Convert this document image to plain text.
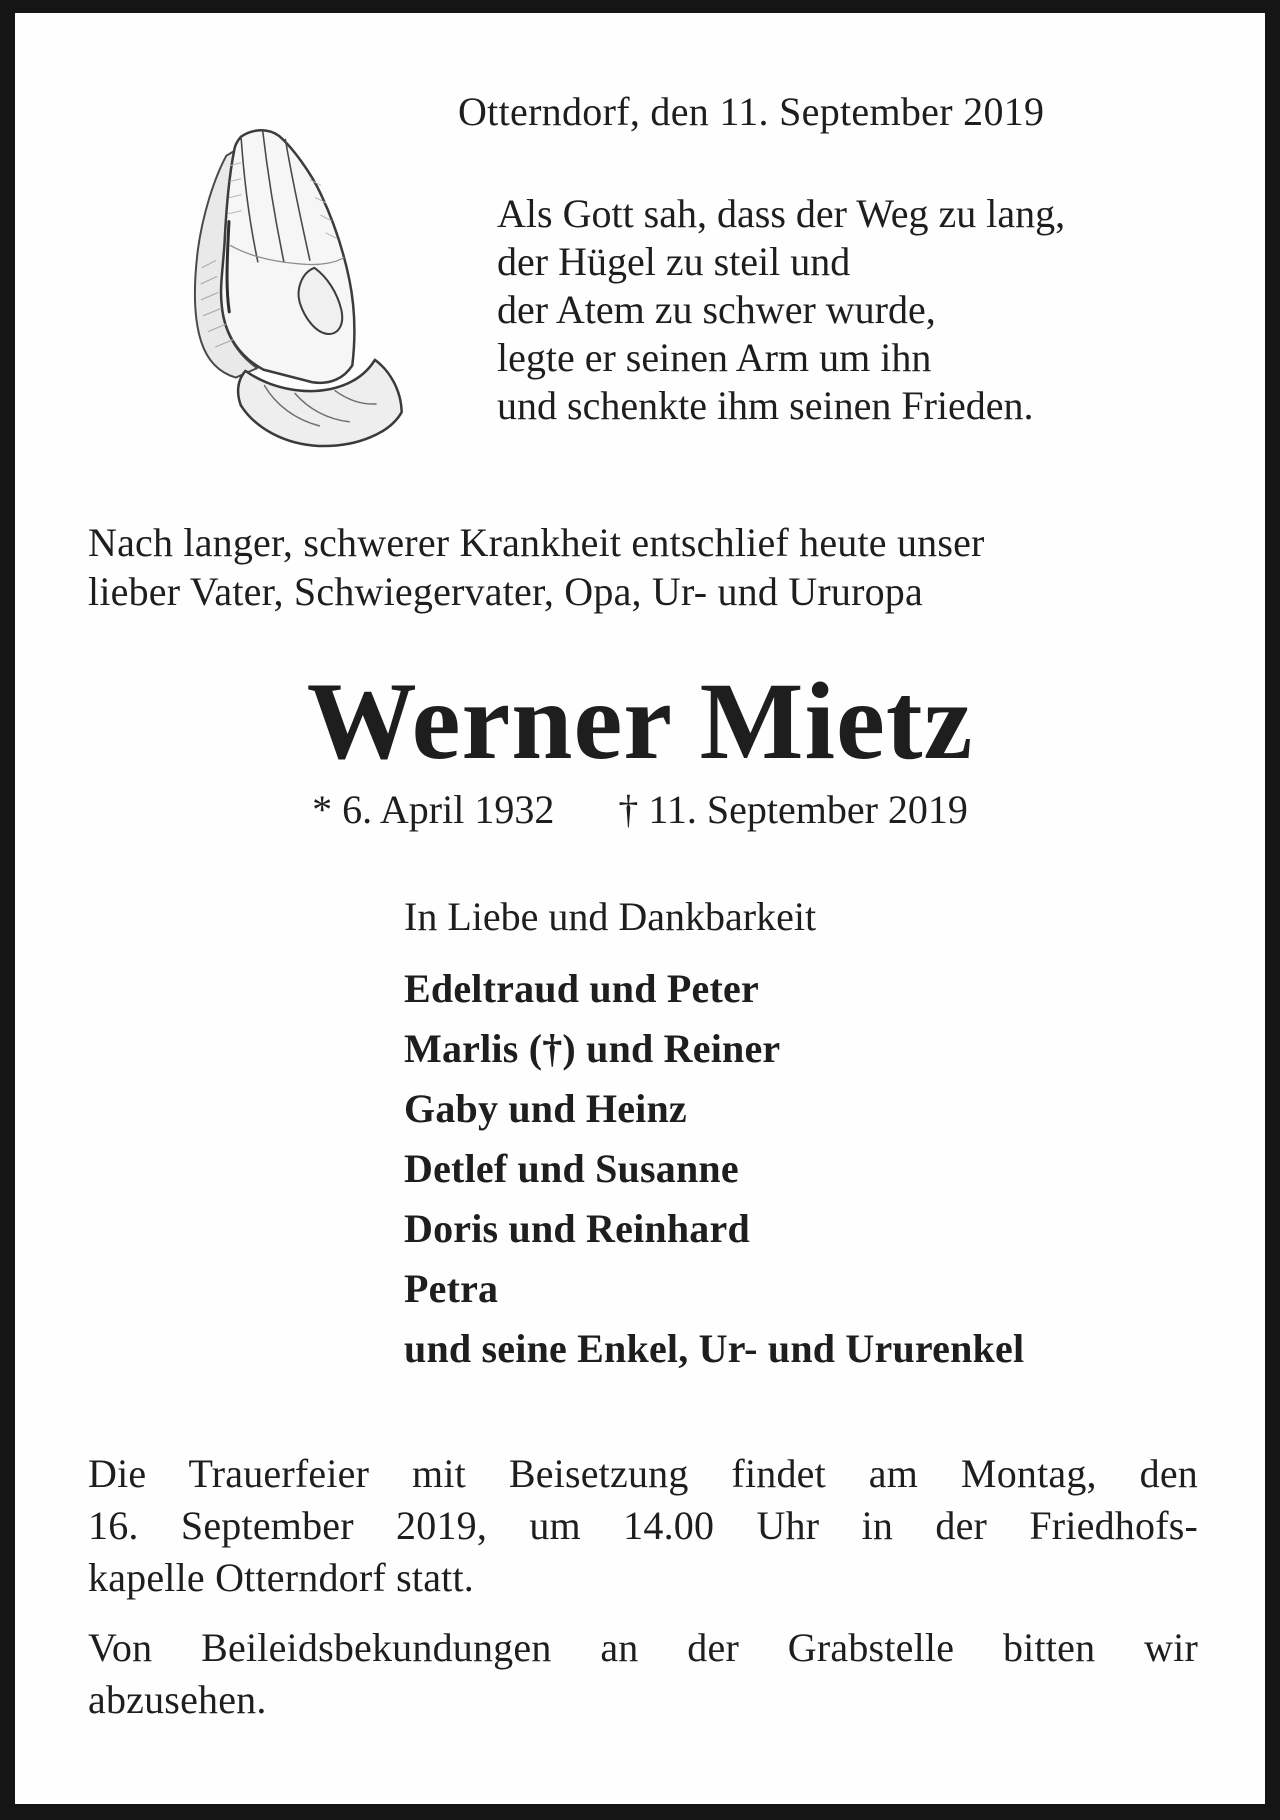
Otterndorf, den 11. September 2019
Als Gott sah, dass der Weg zu lang,
der Hügel zu steil und
der Atem zu schwer wurde,
legte er seinen Arm um ihn
und schenkte ihm seinen Frieden.
Nach langer, schwerer Krankheit entschlief heute unser
lieber Vater, Schwiegervater, Opa, Ur- und Ururopa
Werner Mietz
* 6. April 1932 † 11. September 2019
In Liebe und Dankbarkeit
Edeltraud und Peter
Marlis (†) und Reiner
Gaby und Heinz
Detlef und Susanne
Doris und Reinhard
Petra
und seine Enkel, Ur- und Ururenkel
Die Trauerfeier mit Beisetzung findet am Montag, den
16. September 2019, um 14.00 Uhr in der Friedhofs-
kapelle Otterndorf statt.
Von Beileidsbekundungen an der Grabstelle bitten wir
abzusehen.
